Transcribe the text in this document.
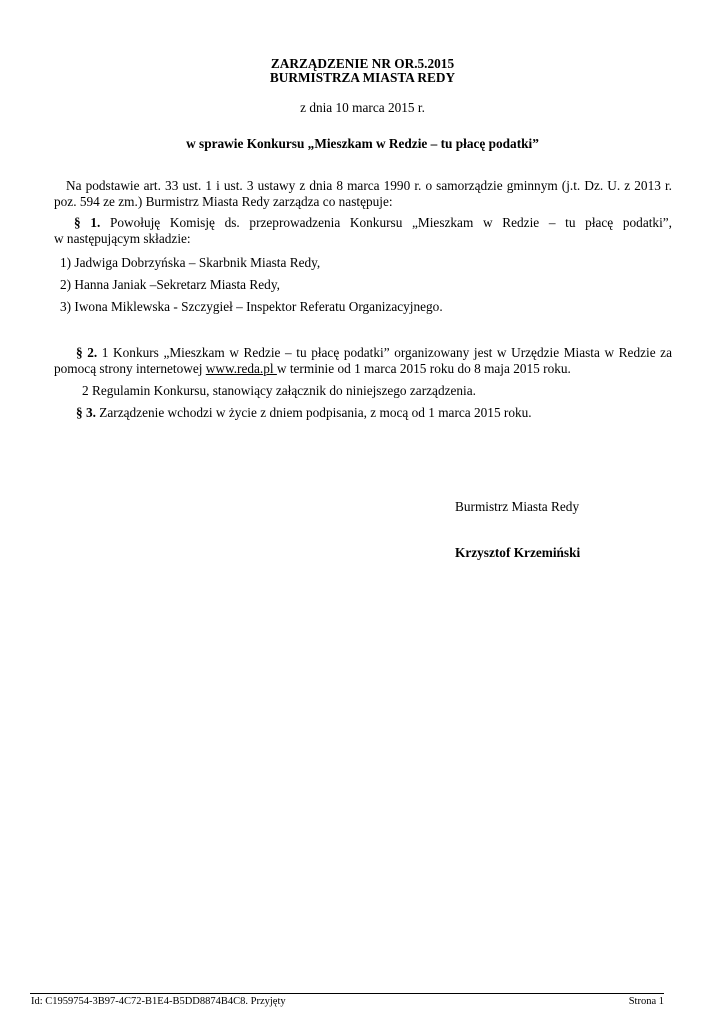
ZARZĄDZENIE NR OR.5.2015
BURMISTRZA MIASTA REDY
z dnia 10 marca 2015 r.
w sprawie Konkursu „Mieszkam w Redzie – tu płacę podatki”
Na podstawie art. 33 ust. 1 i ust. 3 ustawy z dnia 8 marca 1990 r. o samorządzie gminnym (j.t. Dz. U. z 2013 r.
poz. 594 ze zm.) Burmistrz Miasta Redy zarządza co następuje:
§ 1. Powołuję Komisję ds. przeprowadzenia Konkursu „Mieszkam w Redzie – tu płacę podatki”,
w następującym składzie:
1) Jadwiga Dobrzyńska – Skarbnik Miasta Redy,
2) Hanna Janiak –Sekretarz Miasta Redy,
3) Iwona Miklewska - Szczygieł – Inspektor Referatu Organizacyjnego.
§ 2. 1 Konkurs „Mieszkam w Redzie – tu płacę podatki” organizowany jest w Urzędzie Miasta w Redzie za
pomocą strony internetowej www.reda.pl w terminie od 1 marca 2015 roku do 8 maja 2015 roku.
2 Regulamin Konkursu, stanowiący załącznik do niniejszego zarządzenia.
§ 3. Zarządzenie wchodzi w życie z dniem podpisania, z mocą od 1 marca 2015 roku.
Burmistrz Miasta Redy
Krzysztof Krzemiński
Id: C1959754-3B97-4C72-B1E4-B5DD8874B4C8. Przyjęty	Strona 1
